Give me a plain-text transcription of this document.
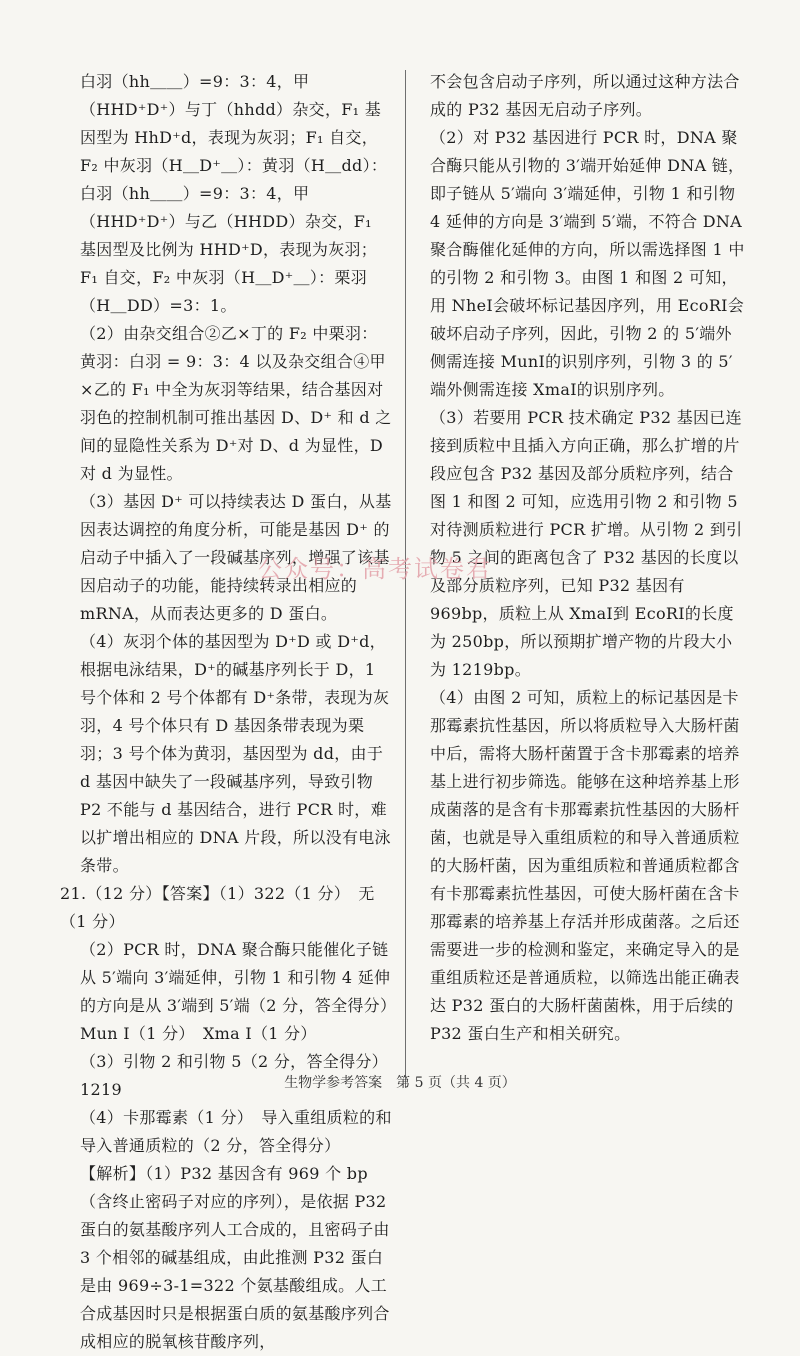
白羽（hh＿＿）=9：3：4，甲（HHD⁺D⁺）与丁（hhdd）杂交，F₁ 基因型为 HhD⁺d，表现为灰羽；F₁ 自交，F₂ 中灰羽（H＿D⁺＿）：黄羽（H＿dd）：白羽（hh＿＿）=9：3：4，甲（HHD⁺D⁺）与乙（HHDD）杂交，F₁ 基因型及比例为 HHD⁺D，表现为灰羽；F₁ 自交，F₂ 中灰羽（H＿D⁺＿）：栗羽（H＿DD）=3：1。

（2）由杂交组合②乙×丁的 F₂ 中栗羽：黄羽：白羽 = 9：3：4 以及杂交组合④甲×乙的 F₁ 中全为灰羽等结果，结合基因对羽色的控制机制可推出基因 D、D⁺ 和 d 之间的显隐性关系为 D⁺对 D、d 为显性，D 对 d 为显性。

（3）基因 D⁺ 可以持续表达 D 蛋白，从基因表达调控的角度分析，可能是基因 D⁺ 的启动子中插入了一段碱基序列，增强了该基因启动子的功能，能持续转录出相应的 mRNA，从而表达更多的 D 蛋白。

（4）灰羽个体的基因型为 D⁺D 或 D⁺d，根据电泳结果，D⁺的碱基序列长于 D，1 号个体和 2 号个体都有 D⁺条带，表现为灰羽，4 号个体只有 D 基因条带表现为栗羽；3 号个体为黄羽，基因型为 dd，由于 d 基因中缺失了一段碱基序列，导致引物 P2 不能与 d 基因结合，进行 PCR 时，难以扩增出相应的 DNA 片段，所以没有电泳条带。

21.（12 分）【答案】（1）322（1 分）　无（1 分）

（2）PCR 时，DNA 聚合酶只能催化子链从 5′端向 3′端延伸，引物 1 和引物 4 延伸的方向是从 3′端到 5′端（2 分，答全得分）　Mun Ⅰ（1 分）　Xma Ⅰ（1 分）

（3）引物 2 和引物 5（2 分，答全得分）　1219

（4）卡那霉素（1 分）　导入重组质粒的和导入普通质粒的（2 分，答全得分）

【解析】（1）P32 基因含有 969 个 bp（含终止密码子对应的序列），是依据 P32 蛋白的氨基酸序列人工合成的，且密码子由 3 个相邻的碱基组成，由此推测 P32 蛋白是由 969÷3-1=322 个氨基酸组成。人工合成基因时只是根据蛋白质的氨基酸序列合成相应的脱氧核苷酸序列，

不会包含启动子序列，所以通过这种方法合成的 P32 基因无启动子序列。

（2）对 P32 基因进行 PCR 时，DNA 聚合酶只能从引物的 3′端开始延伸 DNA 链，即子链从 5′端向 3′端延伸，引物 1 和引物 4 延伸的方向是 3′端到 5′端，不符合 DNA 聚合酶催化延伸的方向，所以需选择图 1 中的引物 2 和引物 3。由图 1 和图 2 可知，用 NheⅠ会破坏标记基因序列，用 EcoRⅠ会破坏启动子序列，因此，引物 2 的 5′端外侧需连接 MunⅠ的识别序列，引物 3 的 5′端外侧需连接 XmaⅠ的识别序列。

（3）若要用 PCR 技术确定 P32 基因已连接到质粒中且插入方向正确，那么扩增的片段应包含 P32 基因及部分质粒序列，结合图 1 和图 2 可知，应选用引物 2 和引物 5 对待测质粒进行 PCR 扩增。从引物 2 到引物 5 之间的距离包含了 P32 基因的长度以及部分质粒序列，已知 P32 基因有 969bp，质粒上从 XmaⅠ到 EcoRⅠ的长度为 250bp，所以预期扩增产物的片段大小为 1219bp。

（4）由图 2 可知，质粒上的标记基因是卡那霉素抗性基因，所以将质粒导入大肠杆菌中后，需将大肠杆菌置于含卡那霉素的培养基上进行初步筛选。能够在这种培养基上形成菌落的是含有卡那霉素抗性基因的大肠杆菌，也就是导入重组质粒的和导入普通质粒的大肠杆菌，因为重组质粒和普通质粒都含有卡那霉素抗性基因，可使大肠杆菌在含卡那霉素的培养基上存活并形成菌落。之后还需要进一步的检测和鉴定，来确定导入的是重组质粒还是普通质粒，以筛选出能正确表达 P32 蛋白的大肠杆菌菌株，用于后续的 P32 蛋白生产和相关研究。

公众号：高考试卷君
生物学参考答案　第 5 页（共 4 页）
